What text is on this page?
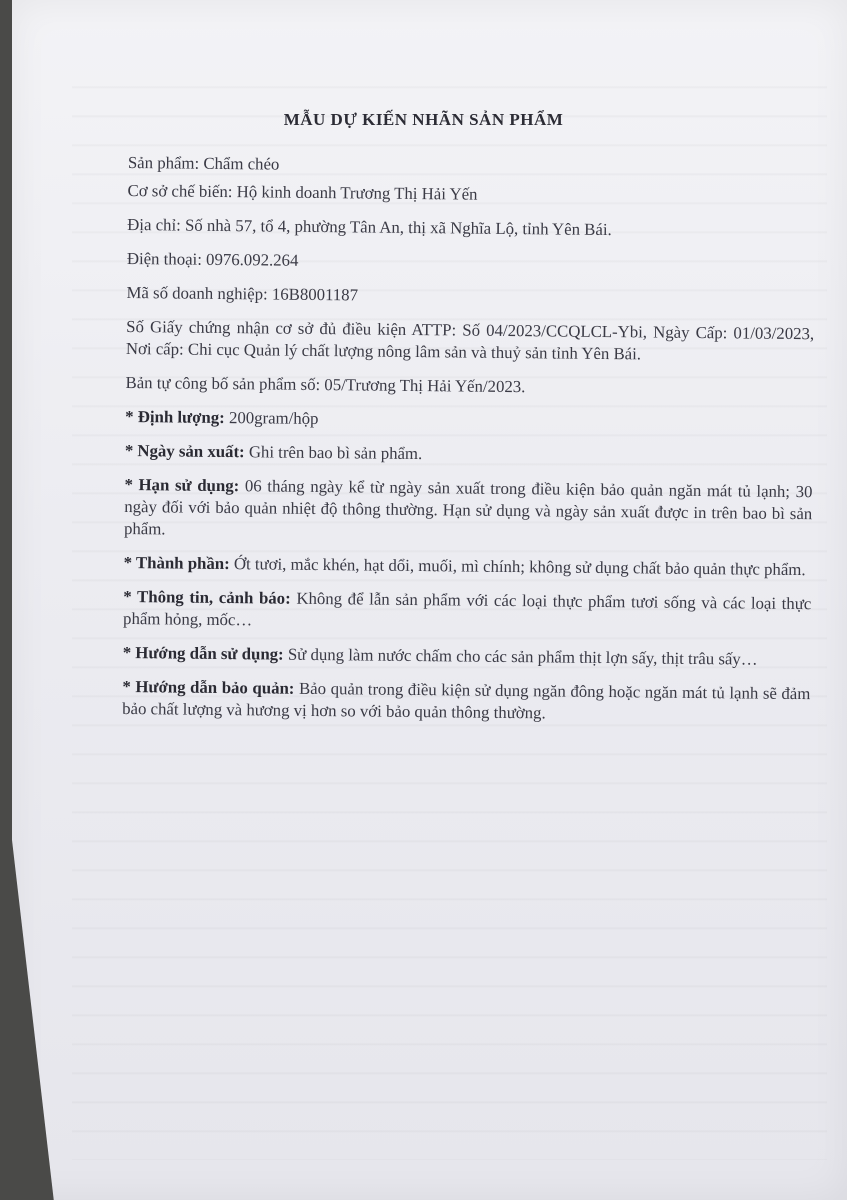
MẪU DỰ KIẾN NHÃN SẢN PHẨM

Sản phẩm: Chẩm chéo

Cơ sở chế biến: Hộ kinh doanh Trương Thị Hải Yến

Địa chỉ: Số nhà 57, tổ 4, phường Tân An, thị xã Nghĩa Lộ, tỉnh Yên Bái.

Điện thoại: 0976.092.264

Mã số doanh nghiệp: 16B8001187

Số Giấy chứng nhận cơ sở đủ điều kiện ATTP: Số 04/2023/CCQLCL-Ybi, Ngày Cấp: 01/03/2023, Nơi cấp: Chi cục Quản lý chất lượng nông lâm sản và thuỷ sản tỉnh Yên Bái.

Bản tự công bố sản phẩm số: 05/Trương Thị Hải Yến/2023.

* Định lượng: 200gram/hộp

* Ngày sản xuất: Ghi trên bao bì sản phẩm.

* Hạn sử dụng: 06 tháng ngày kể từ ngày sản xuất trong điều kiện bảo quản ngăn mát tủ lạnh; 30 ngày đối với bảo quản nhiệt độ thông thường. Hạn sử dụng và ngày sản xuất được in trên bao bì sản phẩm.

* Thành phần: Ớt tươi, mắc khén, hạt dổi, muối, mì chính; không sử dụng chất bảo quản thực phẩm.

* Thông tin, cảnh báo: Không để lẫn sản phẩm với các loại thực phẩm tươi sống và các loại thực phẩm hỏng, mốc…

* Hướng dẫn sử dụng: Sử dụng làm nước chấm cho các sản phẩm thịt lợn sấy, thịt trâu sấy…

* Hướng dẫn bảo quản: Bảo quản trong điều kiện sử dụng ngăn đông hoặc ngăn mát tủ lạnh sẽ đảm bảo chất lượng và hương vị hơn so với bảo quản thông thường.
